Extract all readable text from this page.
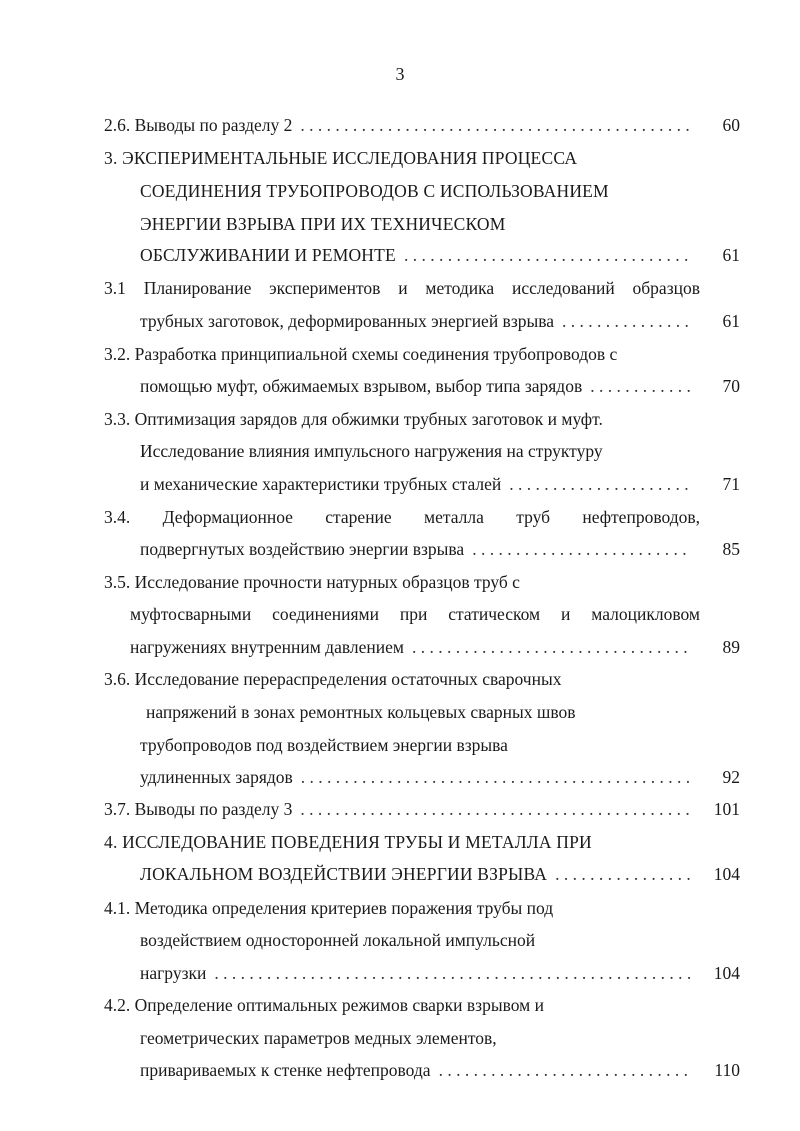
3
2.6. Выводы по разделу 2 . . .	60
3. ЭКСПЕРИМЕНТАЛЬНЫЕ ИССЛЕДОВАНИЯ ПРОЦЕССА
СОЕДИНЕНИЯ ТРУБОПРОВОДОВ С ИСПОЛЬЗОВАНИЕМ
ЭНЕРГИИ ВЗРЫВА ПРИ ИХ ТЕХНИЧЕСКОМ
ОБСЛУЖИВАНИИ И РЕМОНТЕ . . .	61
3.1 Планирование экспериментов и методика исследований образцов
трубных заготовок, деформированных энергией взрыва . . .	61
3.2. Разработка принципиальной схемы соединения трубопроводов с
помощью муфт, обжимаемых взрывом, выбор типа зарядов . . .	70
3.3. Оптимизация зарядов для обжимки трубных заготовок и муфт.
Исследование влияния импульсного нагружения на структуру
и механические характеристики трубных сталей . . .	71
3.4. Деформационное старение металла труб нефтепроводов,
подвергнутых воздействию энергии взрыва . . .	85
3.5. Исследование прочности натурных образцов труб с
муфтосварными соединениями при статическом и малоцикловом
нагружениях внутренним давлением . . .	89
3.6. Исследование перераспределения остаточных сварочных
напряжений в зонах ремонтных кольцевых сварных швов
трубопроводов под воздействием энергии взрыва
удлиненных зарядов . . .	92
3.7. Выводы по разделу 3 . . .	101
4. ИССЛЕДОВАНИЕ ПОВЕДЕНИЯ ТРУБЫ И МЕТАЛЛА ПРИ
ЛОКАЛЬНОМ ВОЗДЕЙСТВИИ ЭНЕРГИИ ВЗРЫВА . . .	104
4.1. Методика определения критериев поражения трубы под
воздействием односторонней локальной импульсной
нагрузки . . .	104
4.2. Определение оптимальных режимов сварки взрывом и
геометрических параметров медных элементов,
привариваемых к стенке нефтепровода . . .	110
